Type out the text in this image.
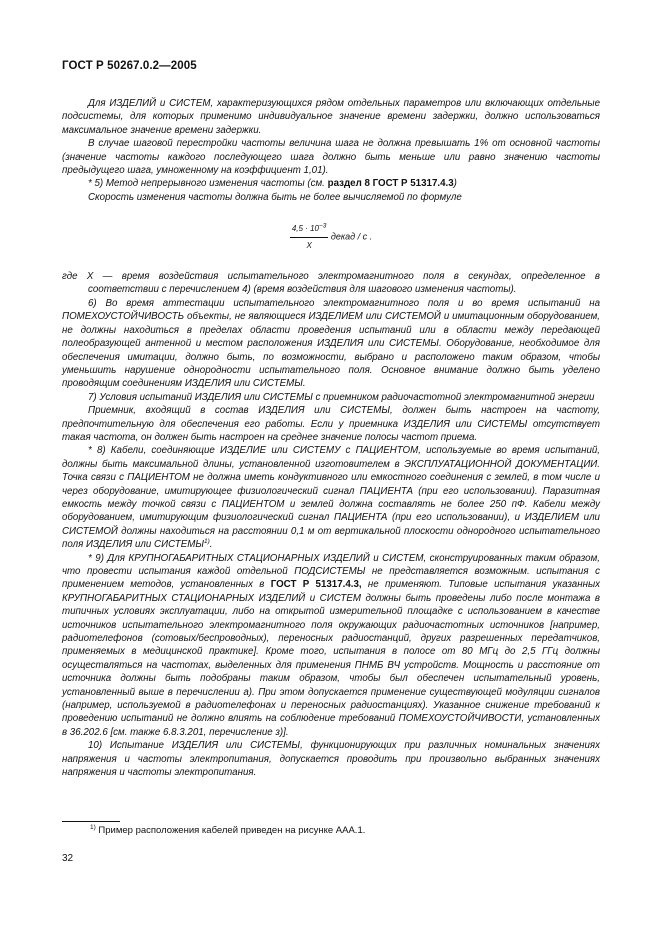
ГОСТ Р 50267.0.2—2005

Для ИЗДЕЛИЙ и СИСТЕМ, характеризующихся рядом отдельных параметров или включающих отдельные подсистемы, для которых применимо индивидуальное значение времени задержки, должно использоваться максимальное значение времени задержки.

В случае шаговой перестройки частоты величина шага не должна превышать 1% от основной частоты (значение частоты каждого последующего шага должно быть меньше или равно значению частоты предыдущего шага, умноженному на коэффициент 1,01).

* 5) Метод непрерывного изменения частоты (см. раздел 8 ГОСТ Р 51317.4.3)

Скорость изменения частоты должна быть не более вычисляемой по формуле

$\frac{4,5 \cdot 10^{-3}}{X}$ декад / с .

где X — время воздействия испытательного электромагнитного поля в секундах, определенное в соответствии с перечислением 4) (время воздействия для шагового изменения частоты).

6) Во время аттестации испытательного электромагнитного поля и во время испытаний на ПОМЕХОУСТОЙЧИВОСТЬ объекты, не являющиеся ИЗДЕЛИЕМ или СИСТЕМОЙ и имитационным оборудованием, не должны находиться в пределах области проведения испытаний или в области между передающей полеобразующей антенной и местом расположения ИЗДЕЛИЯ или СИСТЕМЫ. Оборудование, необходимое для обеспечения имитации, должно быть, по возможности, выбрано и расположено таким образом, чтобы уменьшить нарушение однородности испытательного поля. Основное внимание должно быть уделено проводящим соединениям ИЗДЕЛИЯ или СИСТЕМЫ.

7) Условия испытаний ИЗДЕЛИЯ или СИСТЕМЫ с приемником радиочастотной электромагнитной энергии

Приемник, входящий в состав ИЗДЕЛИЯ или СИСТЕМЫ, должен быть настроен на частоту, предпочтительную для обеспечения его работы. Если у приемника ИЗДЕЛИЯ или СИСТЕМЫ отсутствует такая частота, он должен быть настроен на среднее значение полосы частот приема.

* 8) Кабели, соединяющие ИЗДЕЛИЕ или СИСТЕМУ с ПАЦИЕНТОМ, используемые во время испытаний, должны быть максимальной длины, установленной изготовителем в ЭКСПЛУАТАЦИОННОЙ ДОКУМЕНТАЦИИ. Точка связи с ПАЦИЕНТОМ не должна иметь кондуктивного или емкостного соединения с землей, в том числе и через оборудование, имитирующее физиологический сигнал ПАЦИЕНТА (при его использовании). Паразитная емкость между точкой связи с ПАЦИЕНТОМ и землей должна составлять не более 250 пФ. Кабели между оборудованием, имитирующим физиологический сигнал ПАЦИЕНТА (при его использовании), и ИЗДЕЛИЕМ или СИСТЕМОЙ должны находиться на расстоянии 0,1 м от вертикальной плоскости однородного испытательного поля ИЗДЕЛИЯ или СИСТЕМЫ$^{1)}$.

* 9) Для КРУПНОГАБАРИТНЫХ СТАЦИОНАРНЫХ ИЗДЕЛИЙ и СИСТЕМ, сконструированных таким образом, что провести испытания каждой отдельной ПОДСИСТЕМЫ не представляется возможным. испытания с применением методов, установленных в ГОСТ Р 51317.4.3, не применяют. Типовые испытания указанных КРУПНОГАБАРИТНЫХ СТАЦИОНАРНЫХ ИЗДЕЛИЙ и СИСТЕМ должны быть проведены либо после монтажа в типичных условиях эксплуатации, либо на открытой измерительной площадке с использованием в качестве источников испытательного электромагнитного поля окружающих радиочастотных источников [например, радиотелефонов (сотовых/беспроводных), переносных радиостанций, других разрешенных передатчиков, применяемых в медицинской практике]. Кроме того, испытания в полосе от 80 МГц до 2,5 ГГц должны осуществляться на частотах, выделенных для применения ПНМБ ВЧ устройств. Мощность и расстояние от источника должны быть подобраны таким образом, чтобы был обеспечен испытательный уровень, установленный выше в перечислении а). При этом допускается применение существующей модуляции сигналов (например, используемой в радиотелефонах и переносных радиостанциях). Указанное снижение требований к проведению испытаний не должно влиять на соблюдение требований ПОМЕХОУСТОЙЧИВОСТИ, установленных в 36.202.6 [см. также 6.8.3.201, перечисление з)].

10) Испытание ИЗДЕЛИЯ или СИСТЕМЫ, функционирующих при различных номинальных значениях напряжения и частоты электропитания, допускается проводить при произвольно выбранных значениях напряжения и частоты электропитания.

$^{1)}$ Пример расположения кабелей приведен на рисунке ААА.1.
32
